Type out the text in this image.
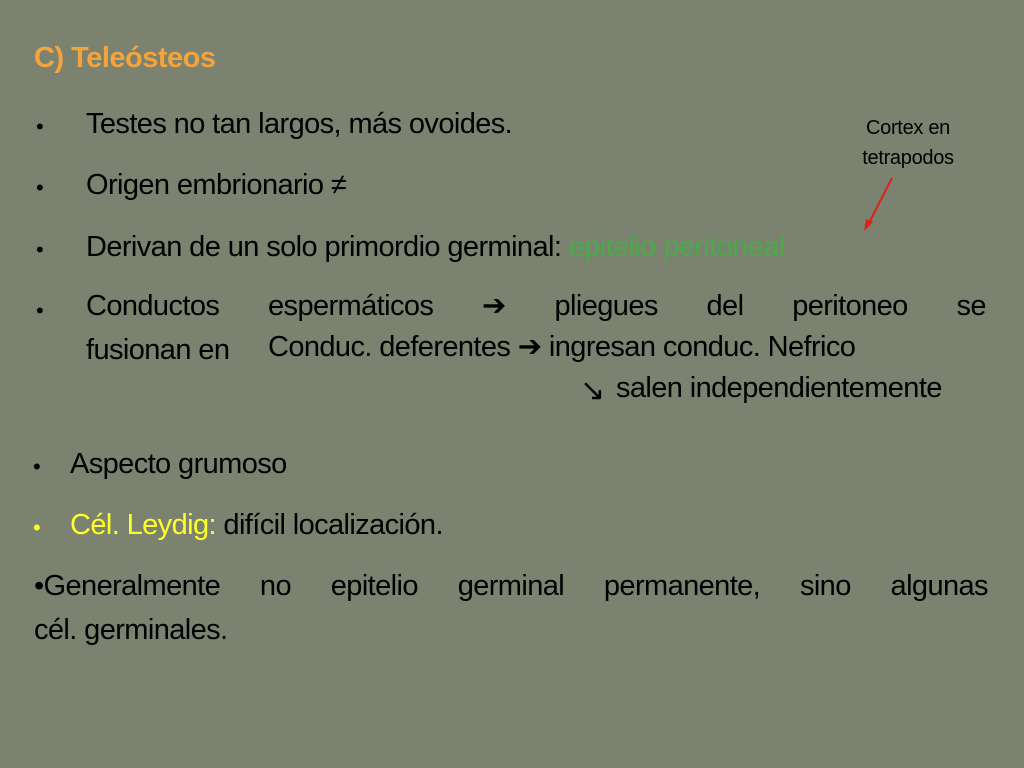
C) Teleósteos
• Testes no tan largos, más ovoides.
• Origen embrionario ≠
• Derivan de un solo primordio germinal: epitelio peritoneal
• Conductos espermáticos ➔ pliegues del peritoneo se
fusionan en Conduc. deferentes ➔ ingresan conduc. Nefrico
↘ salen independientemente
• Aspecto grumoso
• Cél. Leydig: difícil localización.
•Generalmente no epitelio germinal permanente, sino algunas
cél. germinales.
Cortex en
tetrapodos
